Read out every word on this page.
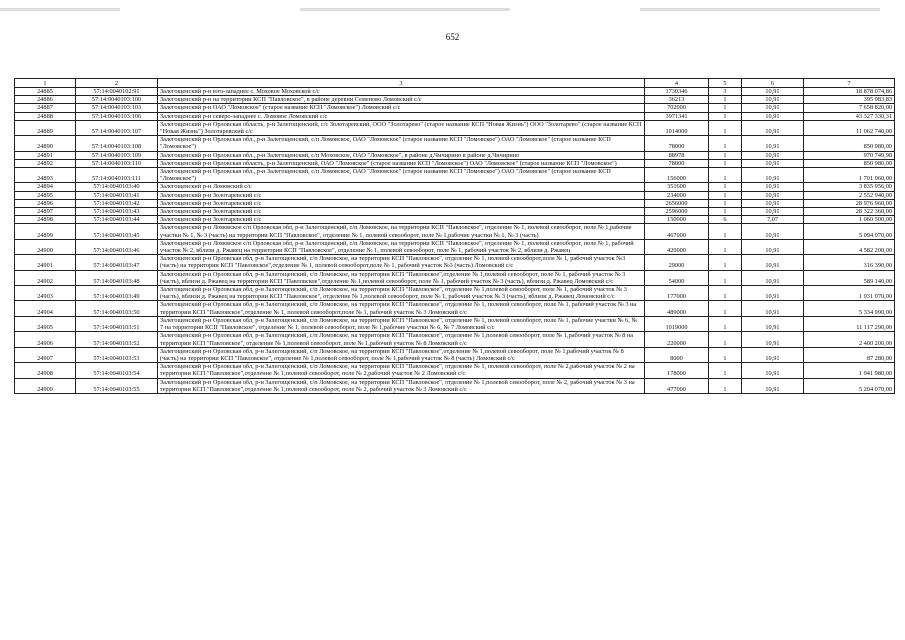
652
1	2	3	4	5	6	7
24885	57:14:0040102:91	Залегощенский р-н юго-западнее с. Моховое Моховской с/с	1730346	3	10,91	18 878 074,86
24886	57:14:0040103:100	Залегощенский р-н на территории КСП "Павловское", в районе деревни Семеново Ломовский с/с	36213	1	10,91	395 083,83
24887	57:14:0040103:103	Залегощенский р-н ОАО "Ломовское" (старое название КСП "Ломовское") Ломовский с/с	702000	1	10,91	7 658 820,00
24888	57:14:0040103:106	Залегощенский р-н северо-западнее с. Ломовое Ломовский с/с	3971341	1	10,91	43 327 330,31
24889	57:14:0040103:107	Залегощенский р-н Орловская область, р-н Залегощенский, с/с Золотаревский, ООО "Золотарево" (старое название КСП "Новая Жизнь") ООО "Золотарево" (старое название КСП "Новая Жизнь") Золотаревский с/с	1014000	1	10,91	11 062 740,00
24890	57:14:0040103:108	Залегощенский р-н Орловская обл., р-н Залегощенский, с/п Ломовское, ОАО "Ломовское" (старое название КСП "Ломовское") ОАО "Ломовское" (старое название КСП "Ломовское")	78000	1	10,91	850 980,00
24891	57:14:0040103:109	Залегощенский р-н Орловская обл., р-н Залегощенский, с/п Моховское, ОАО "Ломовское", в районе д.Чичирино в районе д.Чичирино	88978	1	10,91	970 749,98
24892	57:14:0040103:110	Залегощенский р-н Орловская область, р-н Залегощенский, ОАО "Ломовское" (старое название КСП "Ломовское") ОАО "Ломовское" (старое название КСП "Ломовское")	78000	1	10,91	850 980,00
24893	57:14:0040103:111	Залегощенский р-н Орловская обл., р-н Залегощенский, с/п Ломовское, ОАО "Ломовское" (старое название КСП "Ломовское") ОАО "Ломовское" (старое название КСП "Ломовское")	156000	1	10,91	1 701 960,00
24894	57:14:0040103:40	Залегощенский р-н Ломовский с/с	351600	1	10,91	3 835 956,00
24895	57:14:0040103:41	Залегощенский р-н Золотаревский с/с	234000	1	10,91	2 552 940,00
24896	57:14:0040103:42	Залегощенский р-н Золотаревский с/с	2656000	1	10,91	28 976 960,00
24897	57:14:0040103:43	Залегощенский р-н Золотаревский с/с	2596000	1	10,91	28 322 360,00
24898	57:14:0040103:44	Залегощенский р-н Золотаревский с/с	150000	6	7,07	1 060 500,00
24899	57:14:0040103:45	Залегощенский р-н Ломовское с/п Орловская обл, р-н Залегощенский, с/п Ломовское, на территории КСП "Павловское", отделение № 1, полевой севооборот, поле № 1,рабочие участки № 1, № 3 (часть) на территории КСП "Павловское", отделение № 1, полевой севооборот, поле № 1,рабочие участки № 1, № 3 (часть)	467000	1	10,91	5 094 970,00
24900	57:14:0040103:46	Залегощенский р-н Ломовское с/п Орловская обл, р-н Залегощенский, с/п Ломовское, на территории КСП "Павловское", отделение № 1, полевой севооборот, поле № 1, рабочий участок № 2, вблизи д. Ржавец на территории КСП "Павловское", отделение № 1, полевой севооборот, поле № 1, рабочий участок № 2, вблизи д. Ржавец	420000	1	10,91	4 582 200,00
24901	57:14:0040103:47	Залегощенский р-н Орловская обл, р-н Залегощенский, с/п Ломовское, на территории КСП "Павловское", отделение № 1, полевой севооборот,поле № 1, рабочий участок №3 (часть) на территории КСП "Павловское",отделение № 1, полевой севооборот,поле № 1, рабочий участок №3 (часть) Ломовский с/с	29000	1	10,91	316 390,00
24902	57:14:0040103:48	Залегощенский р-н Орловская обл, р-н Залегощенский, с/п Ломовское, на территории КСП "Павловское",отделение № 1,полевой севооборот, поле № 1, рабочий участок № 3 (часть), вблизи д. Ржавец на территории КСП "Павловское",отделение № 1,полевой севооборот, поле № 1, рабочий участок № 3 (часть), вблизи д. Ржавец Ломовский с/с	54000	1	10,91	589 140,00
24903	57:14:0040103:49	Залегощенский р-н Орловская обл, р-н Залегощенский, с/п Ломовское, на территории КСП "Павловское", отделение № 1,полевой севооборот, поле № 1, рабочий участок № 3 (часть), вблизи д. Ржавец на территории КСП "Павловское", отделение № 1,полевой севооборот, поле № 1, рабочий участок № 3 (часть), вблизи д. Ржавец Ломовский с/с	177000	1	10,91	1 931 070,00
24904	57:14:0040103:50	Залегощенский р-н Орловская обл, р-н Залегощенский, с/п Ломовское, на территории КСП "Павловское", отделение № 1, полевой севооборот, поле № 1, рабочий участок № 3 на территории КСП "Павловское",отделение № 1, полевой севооборот,поле № 1, рабочий участок № 3 Ломовский с/с	489000	1	10,91	5 334 990,00
24905	57:14:0040103:51	Залегощенский р-н Орловская обл, р-н Залегощенский, с/п Ломовское, на территории КСП "Павловское", отделение № 1, полевой севооборот, поле № 1, рабочие участки № 6, № 7 на территории КСП "Павловское", отделение № 1, полевой севооборот, поле № 1,рабочие участки № 6, № 7 Ломовский с/с	1019000	1	10,91	11 117 290,00
24906	57:14:0040103:52	Залегощенский р-н Орловская обл, р-н Залегощенский, с/п Ломовское, на территории КСП "Павловское", отделение № 1,полевой севооборот, поле № 1,рабочий участок № 8 на территории КСП "Павловское", отделение № 1,полевой севооборот, поле № 1,рабочий участок № 8 Ломовский с/с	220000	1	10,91	2 400 200,00
24907	57:14:0040103:53	Залегощенский р-н Орловская обл, р-н Залегощенский, с/п Ломовское, на территории КСП "Павловское",отделение № 1,полевой севооборот, поле № 1,рабочий участок № 8 (часть) на территории КСП "Павловское", отделение № 1,полевой севооборот, поле № 1,рабочий участок № 8 (часть) Ломовский с/с	8000	1	10,91	87 280,00
24908	57:14:0040103:54	Залегощенский р-н Орловская обл, р-н Залегощенский, с/п Ломовское, на территории КСП "Павловское", отделение № 1, полевой севооборот, поле № 2,рабочий участок № 2 на территории КСП "Павловское",отделение № 1,полевой севооборот, поле № 2,рабочий участок № 2 Ломовский с/с	178000	1	10,91	1 941 980,00
24909	57:14:0040103:55	Залегощенский р-н Орловская обл, р-н Залегощенский, с/п Ломовское, на территории КСП "Павловское", отделение № 1,полевой севооборот, поле № 2, рабочий участок № 3 на территории КСП "Павловское",отделение № 1,полевой севооборот, поле № 2, рабочий участок № 3 Ломовский с/с	477000	1	10,91	5 204 070,00
